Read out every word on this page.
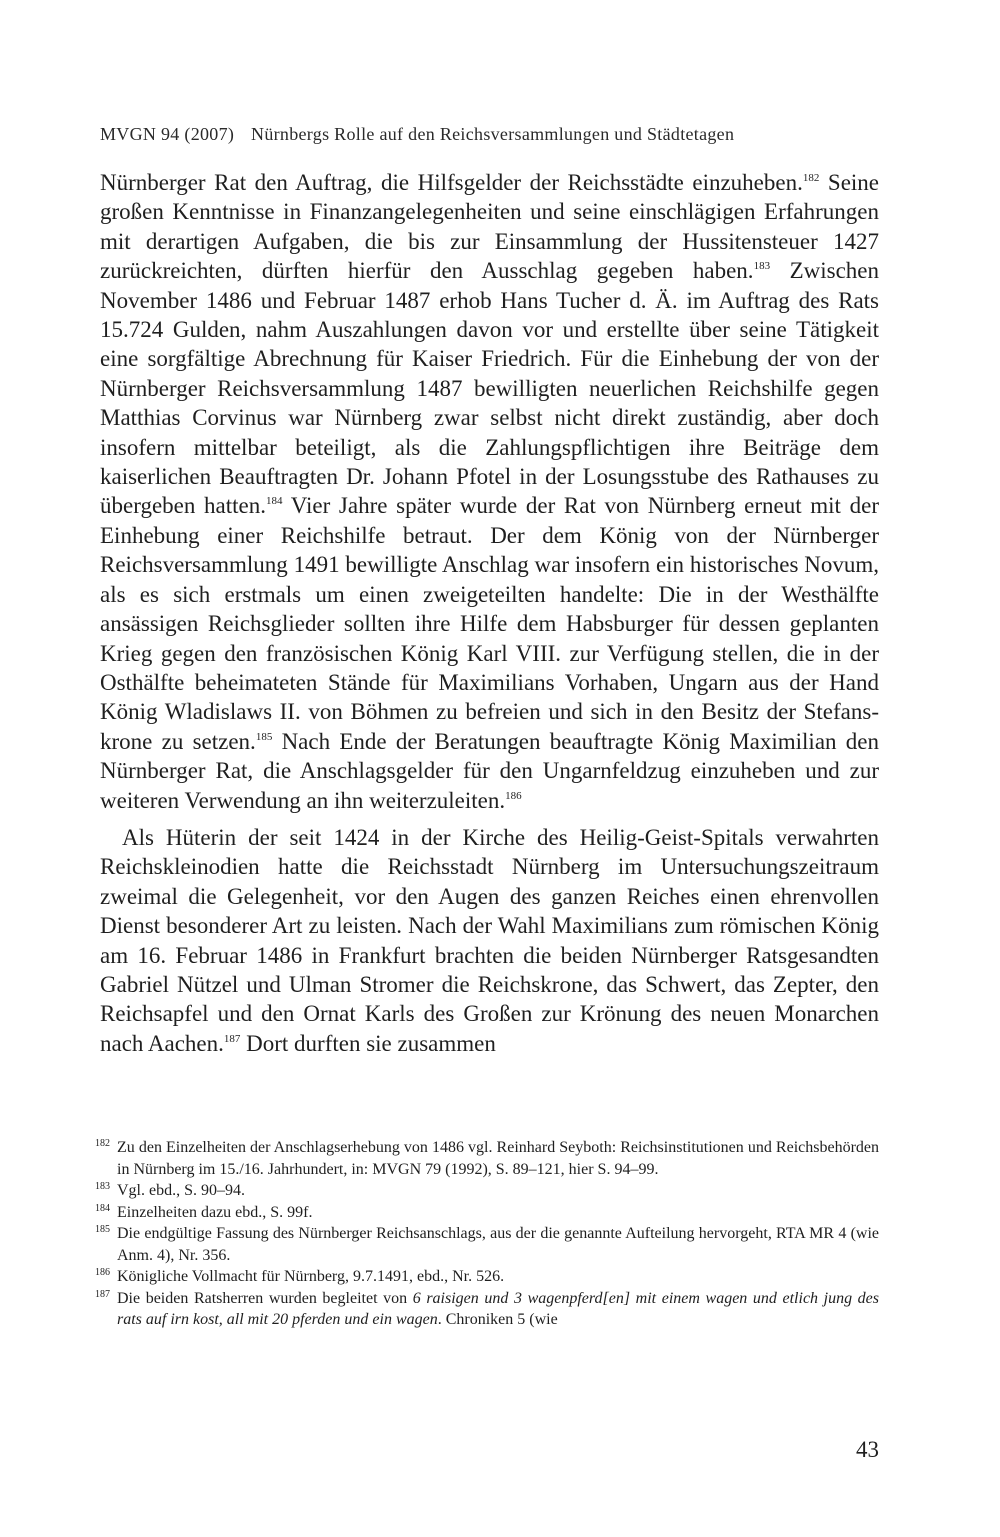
MVGN 94 (2007) Nürnbergs Rolle auf den Reichsversammlungen und Städtetagen

Nürnberger Rat den Auftrag, die Hilfsgelder der Reichsstädte einzuheben.$^{182}$ Seine großen Kenntnisse in Finanzangelegenheiten und seine einschlägigen Erfahrungen mit derartigen Aufgaben, die bis zur Einsammlung der Hussitensteuer 1427 zurückreichten, dürften hierfür den Ausschlag gegeben haben.$^{183}$ Zwischen November 1486 und Februar 1487 erhob Hans Tucher d. Ä. im Auftrag des Rats 15.724 Gulden, nahm Auszahlungen davon vor und erstellte über seine Tätigkeit eine sorgfältige Abrechnung für Kaiser Friedrich. Für die Einhebung der von der Nürnberger Reichsversammlung 1487 bewilligten neuerlichen Reichshilfe gegen Matthias Corvinus war Nürnberg zwar selbst nicht direkt zuständig, aber doch insofern mittelbar beteiligt, als die Zahlungspflichtigen ihre Beiträge dem kaiserlichen Beauftragten Dr. Johann Pfotel in der Losungsstube des Rathauses zu übergeben hatten.$^{184}$ Vier Jahre später wurde der Rat von Nürnberg erneut mit der Einhebung einer Reichshilfe betraut. Der dem König von der Nürnberger Reichsversammlung 1491 bewilligte Anschlag war insofern ein historisches Novum, als es sich erstmals um einen zweigeteilten handelte: Die in der Westhälfte ansässigen Reichsglieder sollten ihre Hilfe dem Habsburger für dessen geplanten Krieg gegen den französischen König Karl VIII. zur Verfügung stellen, die in der Osthälfte beheimateten Stände für Maximilians Vorhaben, Ungarn aus der Hand König Wladislaws II. von Böhmen zu befreien und sich in den Besitz der Stefanskrone zu setzen.$^{185}$ Nach Ende der Beratungen beauftragte König Maximilian den Nürnberger Rat, die Anschlagsgelder für den Ungarnfeldzug einzuheben und zur weiteren Verwendung an ihn weiterzuleiten.$^{186}$

Als Hüterin der seit 1424 in der Kirche des Heilig-Geist-Spitals verwahrten Reichskleinodien hatte die Reichsstadt Nürnberg im Untersuchungszeitraum zweimal die Gelegenheit, vor den Augen des ganzen Reiches einen ehrenvollen Dienst besonderer Art zu leisten. Nach der Wahl Maximilians zum römischen König am 16. Februar 1486 in Frankfurt brachten die beiden Nürnberger Ratsgesandten Gabriel Nützel und Ulman Stromer die Reichskrone, das Schwert, das Zepter, den Reichsapfel und den Ornat Karls des Großen zur Krönung des neuen Monarchen nach Aachen.$^{187}$ Dort durften sie zusammen

182 Zu den Einzelheiten der Anschlagserhebung von 1486 vgl. Reinhard Seyboth: Reichsinstitutionen und Reichsbehörden in Nürnberg im 15./16. Jahrhundert, in: MVGN 79 (1992), S. 89–121, hier S. 94–99.
183 Vgl. ebd., S. 90–94.
184 Einzelheiten dazu ebd., S. 99f.
185 Die endgültige Fassung des Nürnberger Reichsanschlags, aus der die genannte Aufteilung hervorgeht, RTA MR 4 (wie Anm. 4), Nr. 356.
186 Königliche Vollmacht für Nürnberg, 9.7.1491, ebd., Nr. 526.
187 Die beiden Ratsherren wurden begleitet von 6 raisigen und 3 wagenpferd[en] mit einem wagen und etlich jung des rats auf irn kost, all mit 20 pferden und ein wagen. Chroniken 5 (wie
43
